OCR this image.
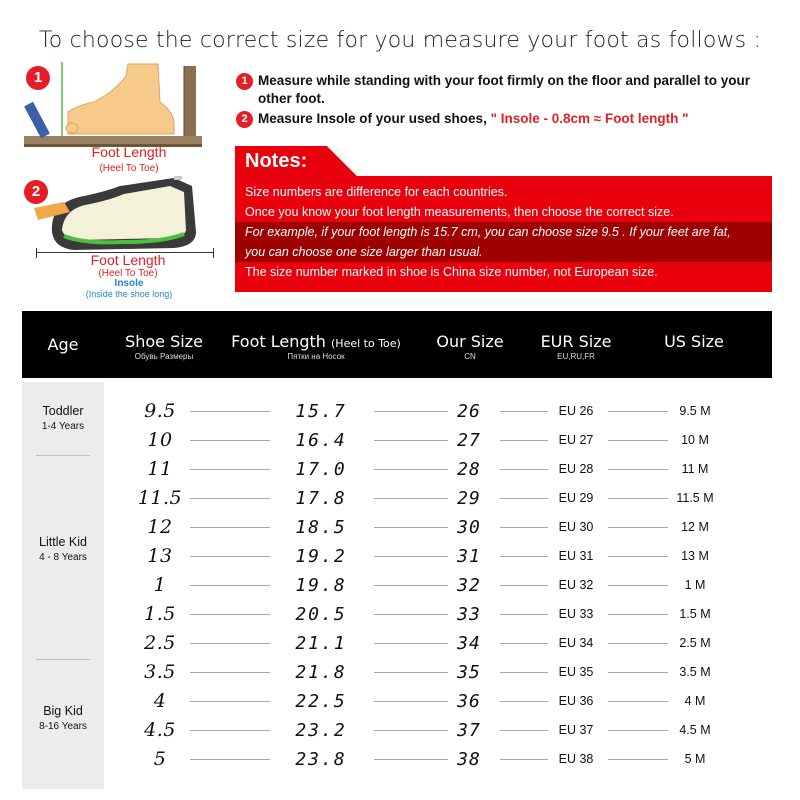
To choose the correct size for you measure your foot as follows :
1
Foot Length
(Heel To Toe)
2
Foot Length
(Heel To Toe)
Insole
(Inside the shoe long)
1 Measure while standing with your foot firmly on the floor and parallel to your other foot.
2 Measure Insole of your used shoes, " Insole - 0.8cm ≈ Foot length "
Notes:
Size numbers are difference for each countries.
Once you know your foot length measurements, then choose the correct size.
For example, if your foot length is 15.7 cm, you can choose size 9.5 . If your feet are fat,
you can choose one size larger than usual.
The size number marked in shoe is China size number, not European size.
Age	Shoe Size
Обувь Размеры
Foot Length (Heel to Toe)
Пятки на Носок
Our Size
CN
EUR Size
EU,RU,FR
US Size
Toddler
1-4 Years
Little Kid
4 - 8 Years
Big Kid
8-16 Years
9.5	15.7	26	EU 26	9.5 M
10	16.4	27	EU 27	10 M
11	17.0	28	EU 28	11 M
11.5	17.8	29	EU 29	11.5 M
12	18.5	30	EU 30	12 M
13	19.2	31	EU 31	13 M
1	19.8	32	EU 32	1 M
1.5	20.5	33	EU 33	1.5 M
2.5	21.1	34	EU 34	2.5 M
3.5	21.8	35	EU 35	3.5 M
4	22.5	36	EU 36	4 M
4.5	23.2	37	EU 37	4.5 M
5	23.8	38	EU 38	5 M
